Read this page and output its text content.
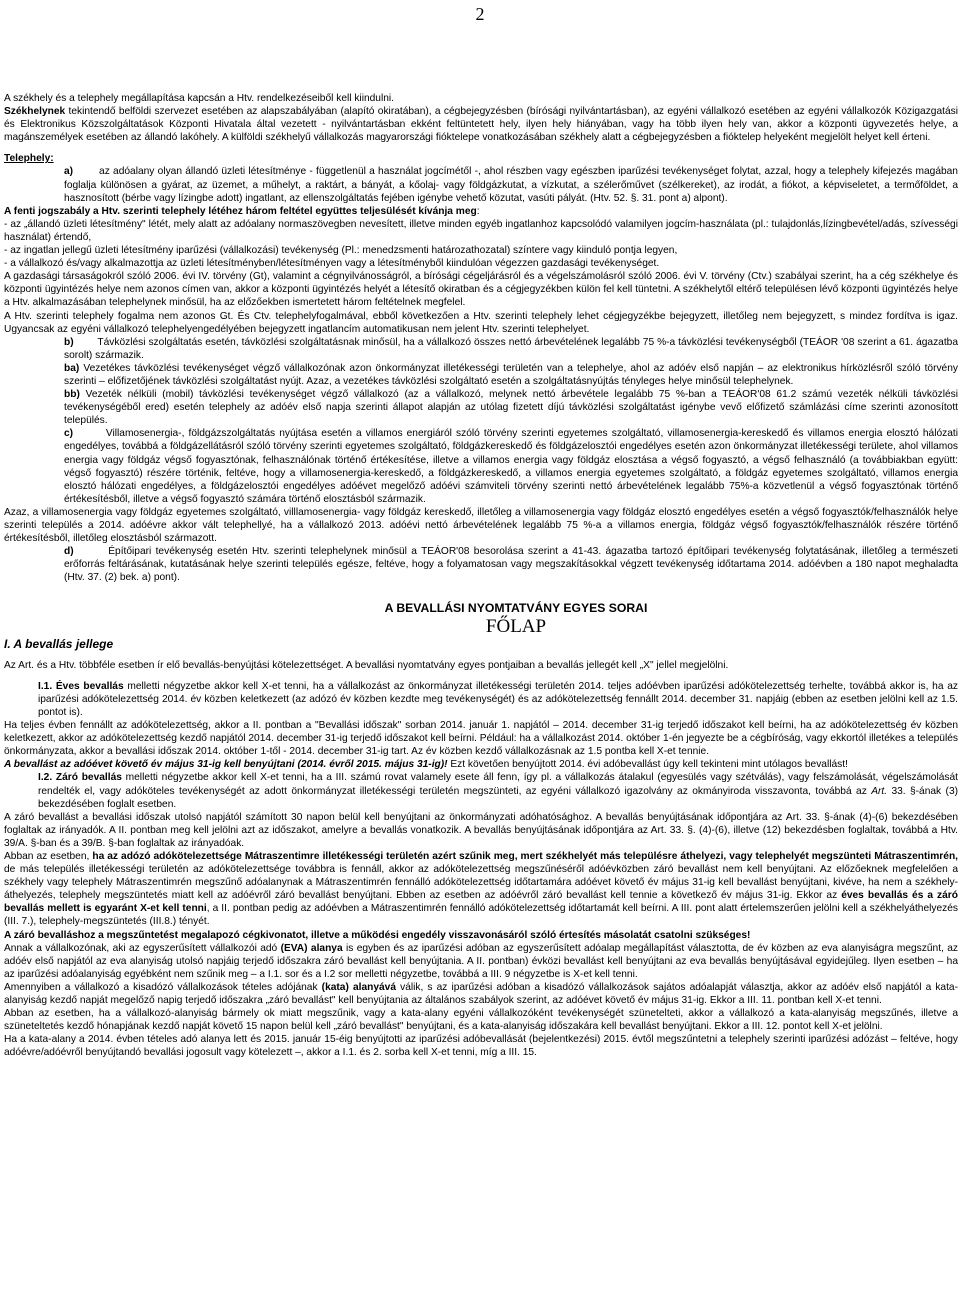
2

A székhely és a telephely megállapítása kapcsán a Htv. rendelkezéseiből kell kiindulni.

Székhelynek tekintendő belföldi szervezet esetében az alapszabályában (alapító okiratában), a cégbejegyzésben (bírósági nyilvántartásban), az egyéni vállalkozó esetében az egyéni vállalkozók Közigazgatási és Elektronikus Közszolgáltatások Központi Hivatala által vezetett - nyilvántartásban ekként feltüntetett hely, ilyen hely hiányában, vagy ha több ilyen hely van, akkor a központi ügyvezetés helye, a magánszemélyek esetében az állandó lakóhely. A külföldi székhelyű vállalkozás magyarországi fióktelepe vonatkozásában székhely alatt a cégbejegyzésben a fióktelep helyeként megjelölt helyet kell érteni.

Telephely:

a)	az adóalany olyan állandó üzleti létesítménye - függetlenül a használat jogcímétől -, ahol részben vagy egészben iparűzési tevékenységet folytat, azzal, hogy a telephely kifejezés magában foglalja különösen a gyárat, az üzemet, a műhelyt, a raktárt, a bányát, a kőolaj- vagy földgázkutat, a vízkutat, a szélerőművet (szélkereket), az irodát, a fiókot, a képviseletet, a termőföldet, a hasznosított (bérbe vagy lízingbe adott) ingatlant, az ellenszolgáltatás fejében igénybe vehető közutat, vasúti pályát. (Htv. 52. §. 31. pont a) alpont).

A fenti jogszabály a Htv. szerinti telephely létéhez három feltétel együttes teljesülését kívánja meg:

- az „állandó üzleti létesítmény" létét, mely alatt az adóalany normaszövegben nevesített, illetve minden egyéb ingatlanhoz kapcsolódó valamilyen jogcím-használata (pl.: tulajdonlás,lízingbevétel/adás, szívességi használat) értendő,

- az ingatlan jellegű üzleti létesítmény iparűzési (vállalkozási) tevékenység (Pl.: menedzsmenti határozathozatal) színtere vagy kiinduló pontja legyen,

- a vállalkozó és/vagy alkalmazottja az üzleti létesítményben/létesítményen vagy a létesítményből kiindulóan végezzen gazdasági tevékenységet.

A gazdasági társaságokról szóló 2006. évi IV. törvény (Gt), valamint a cégnyilvánosságról, a bírósági cégeljárásról és a végelszámolásról szóló 2006. évi V. törvény (Ctv.) szabályai szerint, ha a cég székhelye és központi ügyintézés helye nem azonos címen van, akkor a központi ügyintézés helyét a létesítő okiratban és a cégjegyzékben külön fel kell tüntetni. A székhelytől eltérő településen lévő központi ügyintézés helye a Htv. alkalmazásában telephelynek minősül, ha az előzőekben ismertetett három feltételnek megfelel.

A Htv. szerinti telephely fogalma nem azonos Gt. És Ctv. telephelyfogalmával, ebből következően a Htv. szerinti telephely lehet cégjegyzékbe bejegyzett, illetőleg nem bejegyzett, s mindez fordítva is igaz. Ugyancsak az egyéni vállalkozó telephelyengedélyében bejegyzett ingatlancím automatikusan nem jelent Htv. szerinti telephelyet.

b) Távközlési szolgáltatás esetén, távközlési szolgáltatásnak minősül, ha a vállalkozó összes nettó árbevételének legalább 75 %-a távközlési tevékenységből (TEÁOR '08 szerint a 61. ágazatba sorolt) származik.

ba) Vezetékes távközlési tevékenységet végző vállalkozónak azon önkormányzat illetékességi területén van a telephelye, ahol az adóév első napján – az elektronikus hírközlésről szóló törvény szerinti – előfizetőjének távközlési szolgáltatást nyújt. Azaz, a vezetékes távközlési szolgáltató esetén a szolgáltatásnyújtás tényleges helye minősül telephelynek.

bb) Vezeték nélküli (mobil) távközlési tevékenységet végző vállalkozó (az a vállalkozó, melynek nettó árbevétele legalább 75 %-ban a TEÁOR'08 61.2 számú vezeték nélküli távközlési tevékenységéből ered) esetén telephely az adóév első napja szerinti állapot alapján az utólag fizetett díjú távközlési szolgáltatást igénybe vevő előfizető számlázási címe szerinti azonosított település.

c)	Villamosenergia-, földgázszolgáltatás nyújtása esetén a villamos energiáról szóló törvény szerinti egyetemes szolgáltató, villamosenergia-kereskedő és villamos energia elosztó hálózati engedélyes, továbbá a földgázellátásról szóló törvény szerinti egyetemes szolgáltató, földgázkereskedő és földgázelosztói engedélyes esetén azon önkormányzat illetékességi területe, ahol villamos energia vagy földgáz végső fogyasztónak, felhasználónak történő értékesítése, illetve a villamos energia vagy földgáz elosztása a végső fogyasztó, a végső felhasználó (a továbbiakban együtt: végső fogyasztó) részére történik, feltéve, hogy a villamosenergia-kereskedő, a földgázkereskedő, a villamos energia egyetemes szolgáltató, a földgáz egyetemes szolgáltató, villamos energia elosztó hálózati engedélyes, a földgázelosztói engedélyes adóévet megelőző adóévi számviteli törvény szerinti nettó árbevételének legalább 75%-a közvetlenül a végső fogyasztónak történő értékesítésből, illetve a végső fogyasztó számára történő elosztásból származik.

Azaz, a villamosenergia vagy földgáz egyetemes szolgáltató, villlamosenergia- vagy földgáz kereskedő, illetőleg a villamosenergia vagy földgáz elosztó engedélyes esetén a végső fogyasztók/felhasználók helye szerinti település a 2014. adóévre akkor vált telephellyé, ha a vállalkozó 2013. adóévi nettó árbevételének legalább 75 %-a a villamos energia, földgáz végső fogyasztók/felhasználók részére történő értékesítésből, illetőleg elosztásból származott.

d)	Építőipari tevékenység esetén Htv. szerinti telephelynek minősül a TEÁOR'08 besorolása szerint a 41-43. ágazatba tartozó építőipari tevékenység folytatásának, illetőleg a természeti erőforrás feltárásának, kutatásának helye szerinti település egésze, feltéve, hogy a folyamatosan vagy megszakításokkal végzett tevékenység időtartama 2014. adóévben a 180 napot meghaladta (Htv. 37. (2) bek. a) pont).

A BEVALLÁSI NYOMTATVÁNY EGYES SORAI

FŐLAP

I. A bevallás jellege

Az Art. és a Htv. többféle esetben ír elő bevallás-benyújtási kötelezettséget. A bevallási nyomtatvány egyes pontjaiban a bevallás jellegét kell „X" jellel megjelölni.

I.1. Éves bevallás melletti négyzetbe akkor kell X-et tenni, ha a vállalkozást az önkormányzat illetékességi területén 2014. teljes adóévben iparűzési adókötelezettség terhelte, továbbá akkor is, ha az iparűzési adókötelezettség 2014. év közben keletkezett (az adózó év közben kezdte meg tevékenységét) és az adókötelezettség fennállt 2014. december 31. napjáig (ebben az esetben jelölni kell az 1.5. pontot is).

Ha teljes évben fennállt az adókötelezettség, akkor a II. pontban a "Bevallási időszak" sorban 2014. január 1. napjától – 2014. december 31-ig terjedő időszakot kell beírni, ha az adókötelezettség év közben keletkezett, akkor az adókötelezettség kezdő napjától 2014. december 31-ig terjedő időszakot kell beírni. Például: ha a vállalkozást 2014. október 1-én jegyezte be a cégbíróság, vagy ekkortól illetékes a település önkormányzata, akkor a bevallási időszak 2014. október 1-től - 2014. december 31-ig tart. Az év közben kezdő vállalkozásnak az 1.5 pontba kell X-et tennie.

A bevallást az adóévet követő év május 31-ig kell benyújtani (2014. évről 2015. május 31-ig)! Ezt követően benyújtott 2014. évi adóbevallást úgy kell tekinteni mint utólagos bevallást!

I.2. Záró bevallás melletti négyzetbe akkor kell X-et tenni, ha a III. számú rovat valamely esete áll fenn, így pl. a vállalkozás átalakul (egyesülés vagy szétválás), vagy felszámolását, végelszámolását rendelték el, vagy adóköteles tevékenységét az adott önkormányzat illetékességi területén megszünteti, az egyéni vállalkozó igazolvány az okmányiroda visszavonta, továbbá az Art. 33. §-ának (3) bekezdésében foglalt esetben.

A záró bevallást a bevallási időszak utolsó napjától számított 30 napon belül kell benyújtani az önkormányzati adóhatósághoz. A bevallás benyújtásának időpontjára az Art. 33. §-ának (4)-(6) bekezdésében foglaltak az irányadók. A II. pontban meg kell jelölni azt az időszakot, amelyre a bevallás vonatkozik. A bevallás benyújtásának időpontjára az Art. 33. §. (4)-(6), illetve (12) bekezdésben foglaltak, továbbá a Htv. 39/A. §-ban és a 39/B. §-ban foglaltak az irányadóak.

Abban az esetben, ha az adózó adókötelezettsége Mátraszentimre illetékességi területén azért szűnik meg, mert székhelyét más településre áthelyezi, vagy telephelyét megszünteti Mátraszentimrén, de más település illetékességi területén az adókötelezettsége továbbra is fennáll, akkor az adókötelezettség megszűnéséről adóévközben záró bevallást nem kell benyújtani. Az előzőeknek megfelelően a székhely vagy telephely Mátraszentimrén megszűnő adóalanynak a Mátraszentimrén fennálló adókötelezettség időtartamára adóévet követő év május 31-ig kell bevallást benyújtani, kivéve, ha nem a székhely-áthelyezés, telephely megszüntetés miatt kell az adóévről záró bevallást benyújtani. Ebben az esetben az adóévről záró bevallást kell tennie a következő év május 31-ig. Ekkor az éves bevallás és a záró bevallás mellett is egyaránt X-et kell tenni, a II. pontban pedig az adóévben a Mátraszentimrén fennálló adókötelezettség időtartamát kell beírni. A III. pont alatt értelemszerűen jelölni kell a székhelyáthelyezés (III. 7.), telephely-megszüntetés (III.8.) tényét.

A záró bevalláshoz a megszűntetést megalapozó cégkivonatot, illetve a működési engedély visszavonásáról szóló értesítés másolatát csatolni szükséges!

Annak a vállalkozónak, aki az egyszerűsített vállalkozói adó (EVA) alanya is egyben és az iparűzési adóban az egyszerűsített adóalap megállapítást választotta, de év közben az eva alanyiságra megszűnt, az adóév első napjától az eva alanyiság utolsó napjáig terjedő időszakra záró bevallást kell benyújtania. A II. pontban) évközi bevallást kell benyújtani az eva bevallás benyújtásával egyidejűleg. Ilyen esetben – ha az iparűzési adóalanyiság egyébként nem szűnik meg – a I.1. sor és a I.2 sor melletti négyzetbe, továbbá a III. 9 négyzetbe is X-et kell tenni.

Amennyiben a vállalkozó a kisadózó vállalkozások tételes adójának (kata) alanyává válik, s az iparűzési adóban a kisadózó vállalkozások sajátos adóalapját választja, akkor az adóév első napjától a kata-alanyiság kezdő napját megelőző napig terjedő időszakra „záró bevallást" kell benyújtania az általános szabályok szerint, az adóévet követő év május 31-ig. Ekkor a III. 11. pontban kell X-et tenni.

Abban az esetben, ha a vállalkozó-alanyiság bármely ok miatt megszűnik, vagy a kata-alany egyéni vállalkozóként tevékenységét szünetelteti, akkor a vállalkozó a kata-alanyiság megszűnés, illetve a szüneteltetés kezdő hónapjának kezdő napját követő 15 napon belül kell „záró bevallást" benyújtani, és a kata-alanyiság időszakára kell bevallást benyújtani. Ekkor a III. 12. pontot kell X-et jelölni.

Ha a kata-alany a 2014. évben tételes adó alanya lett és 2015. január 15-éig benyújtotti az iparűzési adóbevallását (bejelentkezési) 2015. évtől megszűntetni a telephely szerinti iparűzési adózást – feltéve, hogy adóévre/adóévről benyújtandó bevallási jogosult vagy kötelezett –, akkor a I.1. és 2. sorba kell X-et tenni, míg a III. 15.
